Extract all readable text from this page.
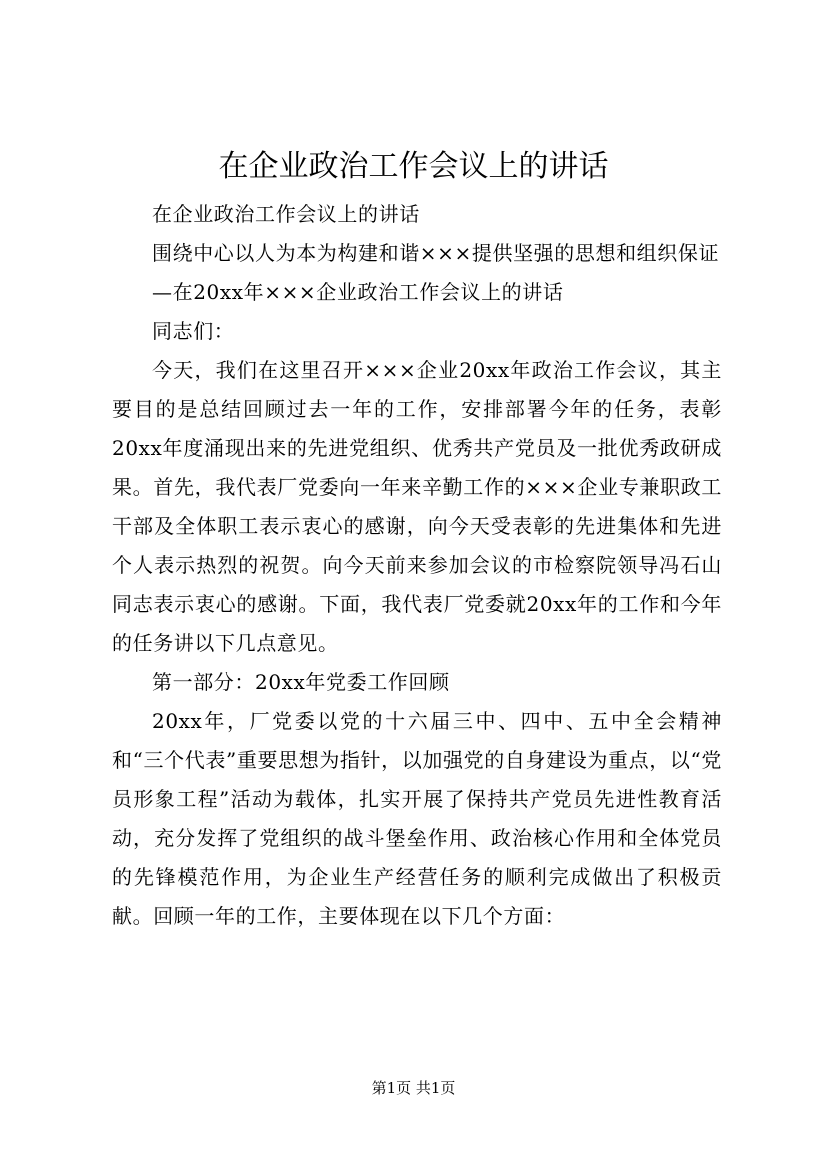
在企业政治工作会议上的讲话

在企业政治工作会议上的讲话

围绕中心以人为本为构建和谐×××提供坚强的思想和组织保证

—在20xx年×××企业政治工作会议上的讲话

同志们：

今天，我们在这里召开×××企业20xx年政治工作会议，其主要目的是总结回顾过去一年的工作，安排部署今年的任务，表彰20xx年度涌现出来的先进党组织、优秀共产党员及一批优秀政研成果。首先，我代表厂党委向一年来辛勤工作的×××企业专兼职政工干部及全体职工表示衷心的感谢，向今天受表彰的先进集体和先进个人表示热烈的祝贺。向今天前来参加会议的市检察院领导冯石山同志表示衷心的感谢。下面，我代表厂党委就20xx年的工作和今年的任务讲以下几点意见。

第一部分：20xx年党委工作回顾

20xx年，厂党委以党的十六届三中、四中、五中全会精神和“三个代表”重要思想为指针，以加强党的自身建设为重点，以“党员形象工程”活动为载体，扎实开展了保持共产党员先进性教育活动，充分发挥了党组织的战斗堡垒作用、政治核心作用和全体党员的先锋模范作用，为企业生产经营任务的顺利完成做出了积极贡献。回顾一年的工作，主要体现在以下几个方面：

第1页 共1页
